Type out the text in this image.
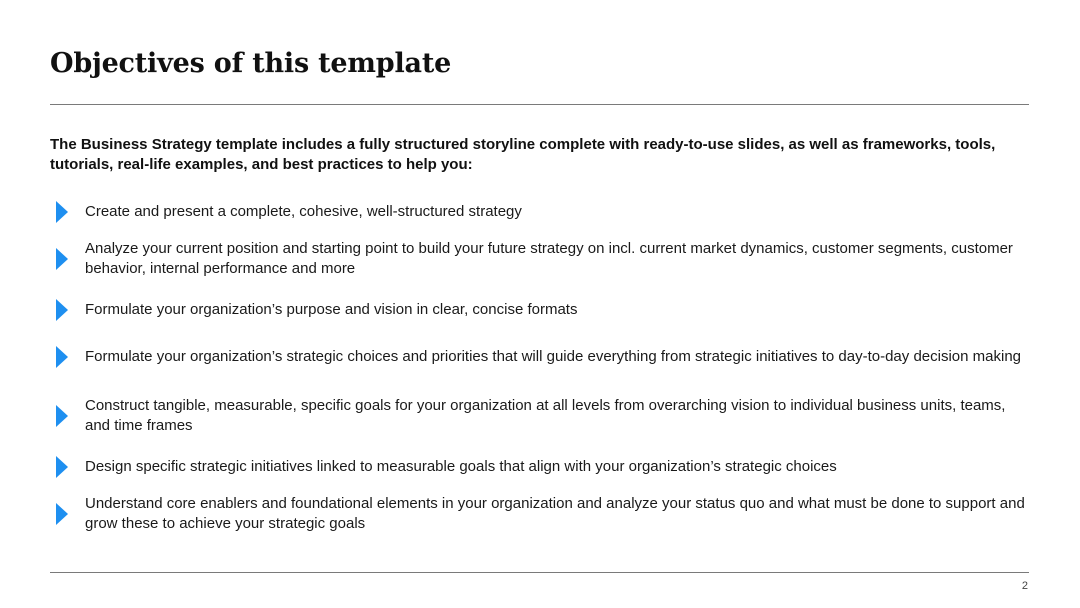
Objectives of this template

The Business Strategy template includes a fully structured storyline complete with ready-to-use slides, as well as frameworks, tools, tutorials, real-life examples, and best practices to help you:

Create and present a complete, cohesive, well-structured strategy
Analyze your current position and starting point to build your future strategy on incl. current market dynamics, customer segments, customer behavior, internal performance and more
Formulate your organization’s purpose and vision in clear, concise formats
Formulate your organization’s strategic choices and priorities that will guide everything from strategic initiatives to day-to-day decision making
Construct tangible, measurable, specific goals for your organization at all levels from overarching vision to individual business units, teams, and time frames
Design specific strategic initiatives linked to measurable goals that align with your organization’s strategic choices
Understand core enablers and foundational elements in your organization and analyze your status quo and what must be done to support and grow these to achieve your strategic goals
2
